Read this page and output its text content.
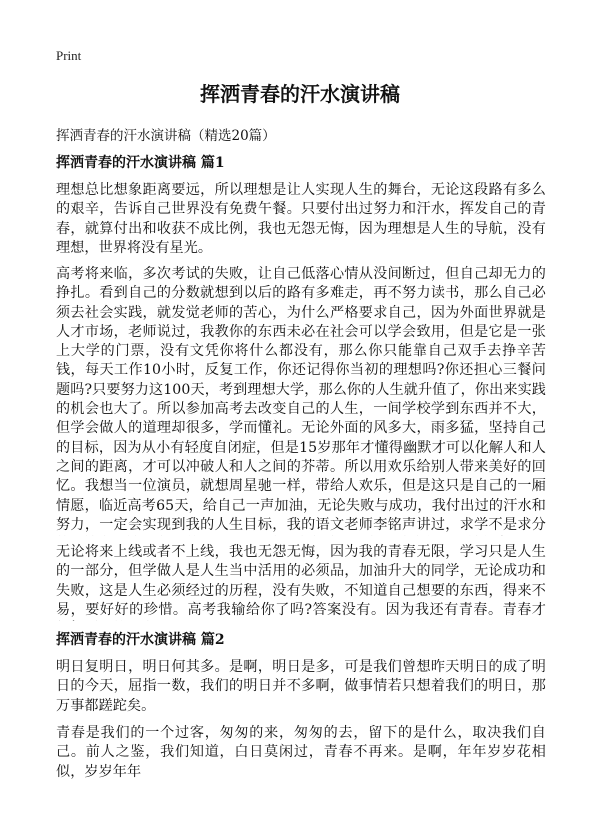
Print
挥洒青春的汗水演讲稿

挥洒青春的汗水演讲稿（精选20篇）

挥洒青春的汗水演讲稿 篇1

理想总比想象距离要远，所以理想是让人实现人生的舞台，无论这段路有多么的艰辛，告诉自己世界没有免费午餐。只要付出过努力和汗水，挥发自己的青春，就算付出和收获不成比例，我也无怨无悔，因为理想是人生的导航，没有理想，世界将没有星光。

高考将来临，多次考试的失败，让自己低落心情从没间断过，但自己却无力的挣扎。看到自己的分数就想到以后的路有多难走，再不努力读书，那么自己必须去社会实践，就发觉老师的苦心，为什么严格要求自己，因为外面世界就是人才市场，老师说过，我教你的东西未必在社会可以学会致用，但是它是一张上大学的门票，没有文凭你将什么都没有，那么你只能靠自己双手去挣辛苦钱，每天工作10小时，反复工作，你还记得你当初的理想吗?你还担心三餐问题吗?只要努力这100天，考到理想大学，那么你的人生就升值了，你出来实践的机会也大了。所以参加高考去改变自己的人生，一间学校学到东西并不大，但学会做人的道理却很多，学而懂礼。无论外面的风多大，雨多猛，坚持自己的目标，因为从小有轻度自闭症，但是15岁那年才懂得幽默才可以化解人和人之间的距离，才可以冲破人和人之间的芥蒂。所以用欢乐给别人带来美好的回忆。我想当一位演员，就想周星驰一样，带给人欢乐，但是这只是自己的一厢情愿，临近高考65天，给自己一声加油，无论失败与成功，我付出过的汗水和努力，一定会实现到我的人生目标，我的语文老师李铭声讲过，求学不是求分

无论将来上线或者不上线，我也无怨无悔，因为我的青春无限，学习只是人生的一部分，但学做人是人生当中活用的必须品，加油升大的同学，无论成功和失败，这是人生必须经过的历程，没有失败，不知道自己想要的东西，得来不易，要好好的珍惜。高考我输给你了吗?答案没有。因为我还有青春。青春才

挥洒青春的汗水演讲稿 篇2

明日复明日，明日何其多。是啊，明日是多，可是我们曾想昨天明日的成了明日的今天，屈指一数，我们的明日并不多啊，做事情若只想着我们的明日，那万事都蹉跎矣。

青春是我们的一个过客，匆匆的来，匆匆的去，留下的是什么，取决我们自己。前人之鉴，我们知道，白日莫闲过，青春不再来。是啊，年年岁岁花相似，岁岁年年
